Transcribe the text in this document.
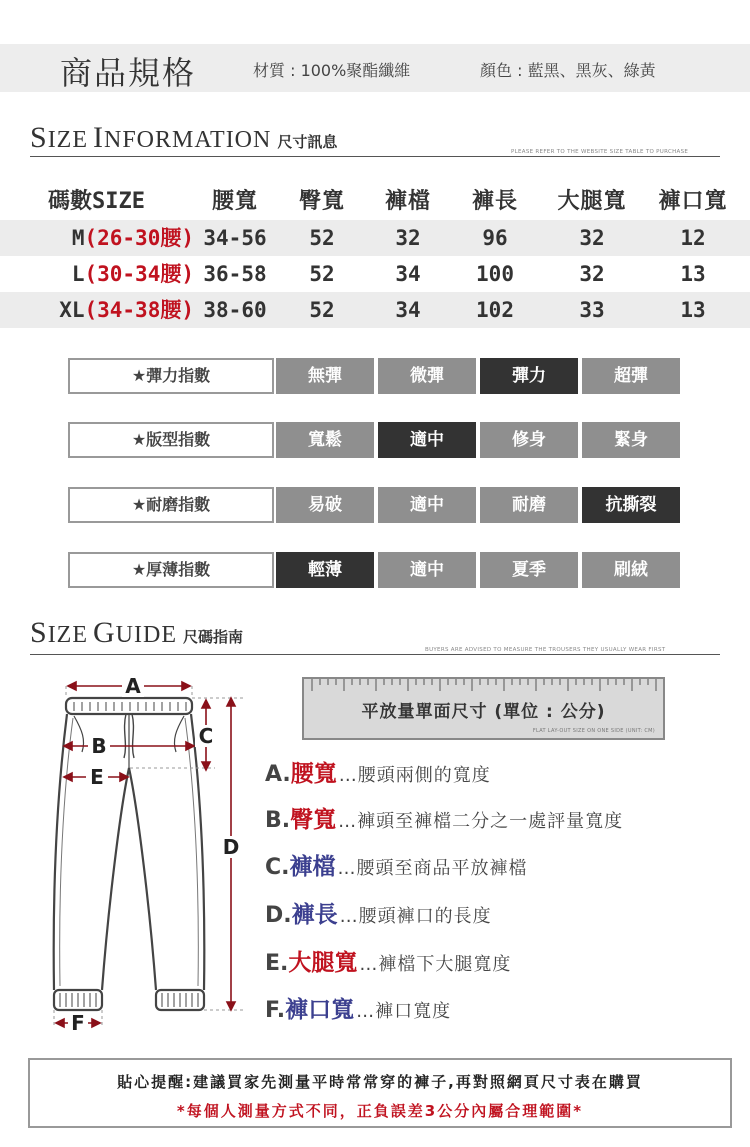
商品規格	材質 : 100%聚酯纖維	顏色 : 藍黑、黑灰、綠黃
SIZE INFORMATION 尺寸訊息
PLEASE REFER TO THE WEBSITE SIZE TABLE TO PURCHASE
碼數SIZE	腰寬	臀寬	褲檔	褲長	大腿寬	褲口寬
M(26-30腰) 34-56	52	32	96	32	12
L(30-34腰) 36-58	52	34	100	32	13
XL(34-38腰) 38-60	52	34	102	33	13
★彈力指數	無彈	微彈	彈力	超彈
★版型指數	寬鬆	適中	修身	緊身
★耐磨指數	易破	適中	耐磨	抗撕裂
★厚薄指數	輕薄	適中	夏季	刷絨
SIZE GUIDE 尺碼指南
BUYERS ARE ADVISED TO MEASURE THE TROUSERS THEY USUALLY WEAR FIRST
A
B	C
D
E
F
平放量單面尺寸 (單位 : 公分)
FLAT LAY-OUT SIZE ON ONE SIDE (UNIT: CM)
A.腰寬 …腰頭兩側的寬度
B.臀寬 …褲頭至褲檔二分之一處評量寬度
C.褲檔 …腰頭至商品平放褲檔
D.褲長 …腰頭褲口的長度
E.大腿寬 …褲檔下大腿寬度
F.褲口寬 …褲口寬度
貼心提醒:建議買家先測量平時常常穿的褲子,再對照網頁尺寸表在購買
*每個人測量方式不同，正負誤差3公分內屬合理範圍*
